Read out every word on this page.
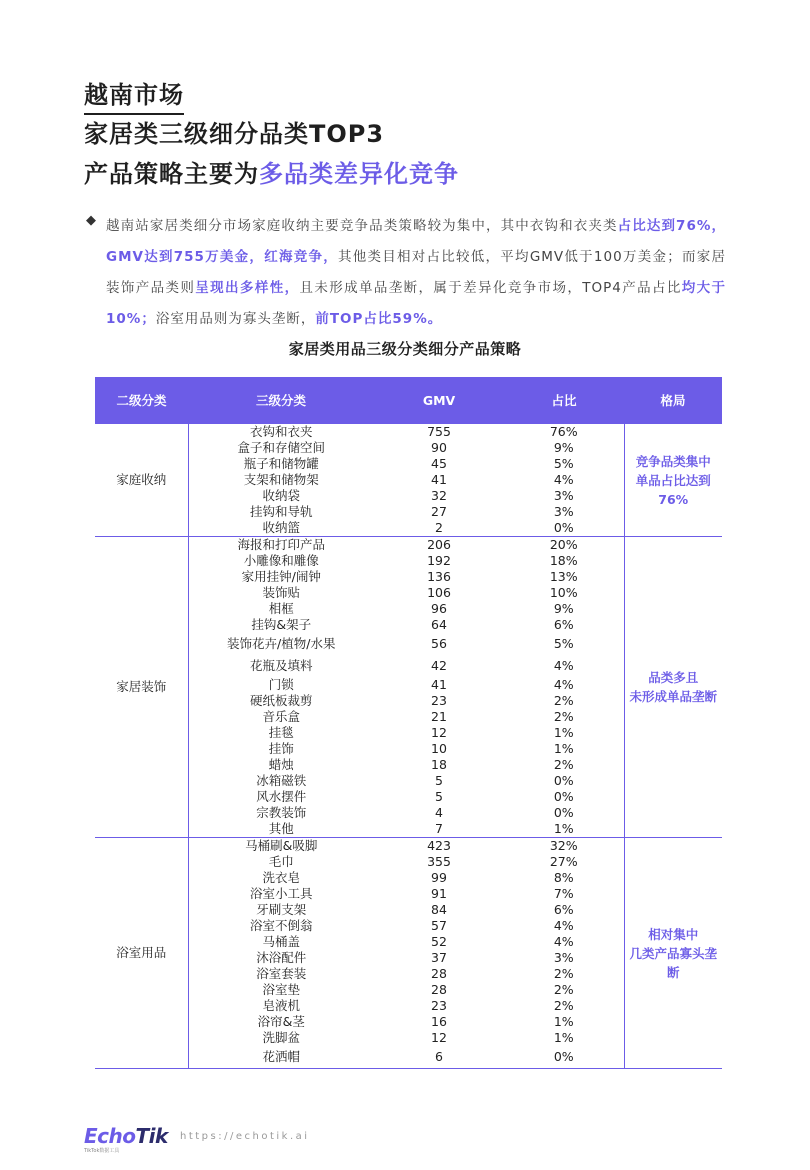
越南市场
家居类三级细分品类TOP3
产品策略主要为多品类差异化竞争
◆ 越南站家居类细分市场家庭收纳主要竞争品类策略较为集中，其中衣钩和衣夹类占比达到76%，GMV达到755万美金，红海竞争，其他类目相对占比较低，平均GMV低于100万美金；而家居装饰产品类则呈现出多样性，且未形成单品垄断，属于差异化竞争市场，TOP4产品占比均大于10%；浴室用品则为寡头垄断，前TOP占比59%。
家居类用品三级分类细分产品策略
二级分类	三级分类	GMV	占比	格局
家庭收纳	衣钩和衣夹	755	76%	竞争品类集中
单品占比达到76%

	盒子和存储空间	90	9%	
	瓶子和储物罐	45	5%	
	支架和储物架	41	4%	
	收纳袋	32	3%	
	挂钩和导轨	27	3%	
	收纳篮	2	0%	
家居装饰	海报和打印产品	206	20%	品类多且
未形成单品垄断

	小雕像和雕像	192	18%	
	家用挂钟/闹钟	136	13%	
	装饰贴	106	10%	
	相框	96	9%	
	挂钩&架子	64	6%	
	装饰花卉/植物/水果	56	5%	
	花瓶及填料	42	4%	
	门锁	41	4%	
	硬纸板裁剪	23	2%	
	音乐盒	21	2%	
	挂毯	12	1%	
	挂饰	10	1%	
	蜡烛	18	2%	
	冰箱磁铁	5	0%	
	风水摆件	5	0%	
	宗教装饰	4	0%	
	其他	7	1%	
浴室用品	马桶刷&吸脚	423	32%	相对集中
几类产品寡头垄断

	毛巾	355	27%	
	洗衣皂	99	8%	
	浴室小工具	91	7%	
	牙刷支架	84	6%	
	浴室不倒翁	57	4%	
	马桶盖	52	4%	
	沐浴配件	37	3%	
	浴室套装	28	2%	
	浴室垫	28	2%	
	皂液机	23	2%	
	浴帘&茎	16	1%	
	洗脚盆	12	1%	
	花洒帽	6	0%	
EchoTik
TikTok数据工具
https://echotik.ai
